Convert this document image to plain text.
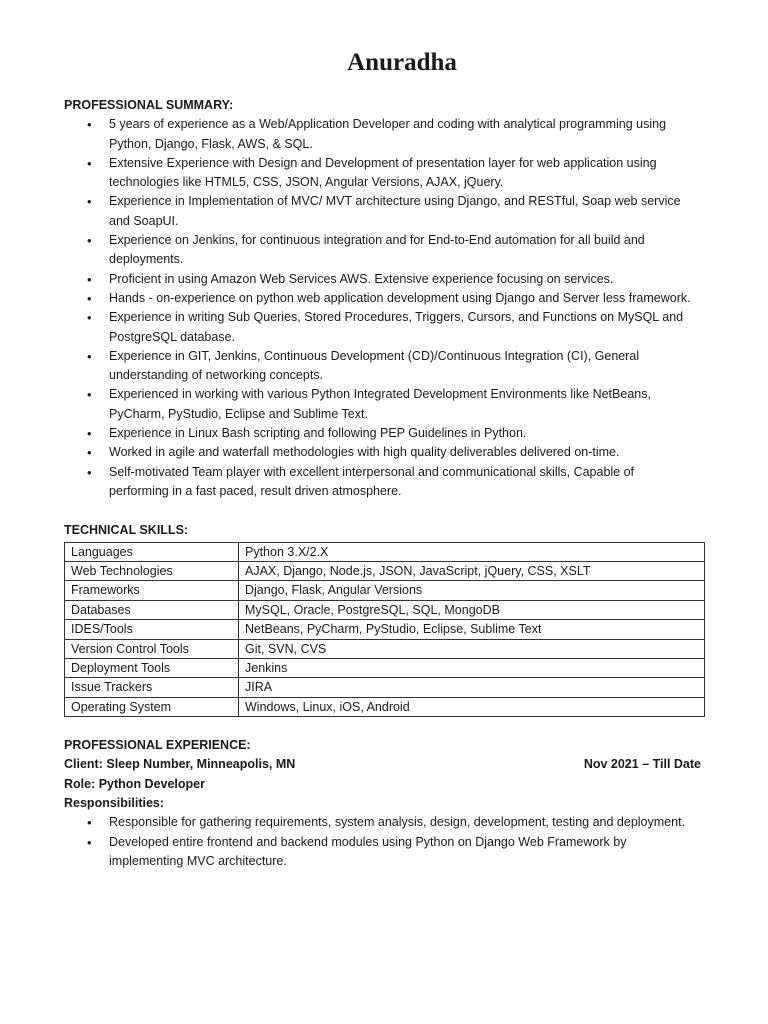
Anuradha

PROFESSIONAL SUMMARY:

• 5 years of experience as a Web/Application Developer and coding with analytical programming using Python, Django, Flask, AWS, & SQL.
• Extensive Experience with Design and Development of presentation layer for web application using technologies like HTML5, CSS, JSON, Angular Versions, AJAX, jQuery.
• Experience in Implementation of MVC/ MVT architecture using Django, and RESTful, Soap web service and SoapUI.
• Experience on Jenkins, for continuous integration and for End-to-End automation for all build and deployments.
• Proficient in using Amazon Web Services AWS. Extensive experience focusing on services.
• Hands - on-experience on python web application development using Django and Server less framework.
• Experience in writing Sub Queries, Stored Procedures, Triggers, Cursors, and Functions on MySQL and PostgreSQL database.
• Experience in GIT, Jenkins, Continuous Development (CD)/Continuous Integration (CI), General understanding of networking concepts.
• Experienced in working with various Python Integrated Development Environments like NetBeans, PyCharm, PyStudio, Eclipse and Sublime Text.
• Experience in Linux Bash scripting and following PEP Guidelines in Python.
• Worked in agile and waterfall methodologies with high quality deliverables delivered on-time.
• Self-motivated Team player with excellent interpersonal and communicational skills, Capable of performing in a fast paced, result driven atmosphere.

TECHNICAL SKILLS:

Languages	Python 3.X/2.X
Web Technologies	AJAX, Django, Node.js, JSON, JavaScript, jQuery, CSS, XSLT
Frameworks	Django, Flask, Angular Versions
Databases	MySQL, Oracle, PostgreSQL, SQL, MongoDB
IDES/Tools	NetBeans, PyCharm, PyStudio, Eclipse, Sublime Text
Version Control Tools	Git, SVN, CVS
Deployment Tools	Jenkins
Issue Trackers	JIRA
Operating System	Windows, Linux, iOS, Android

PROFESSIONAL EXPERIENCE:

Client: Sleep Number, Minneapolis, MN	Nov 2021 – Till Date

Role: Python Developer

Responsibilities:

• Responsible for gathering requirements, system analysis, design, development, testing and deployment.
• Developed entire frontend and backend modules using Python on Django Web Framework by implementing MVC architecture.
